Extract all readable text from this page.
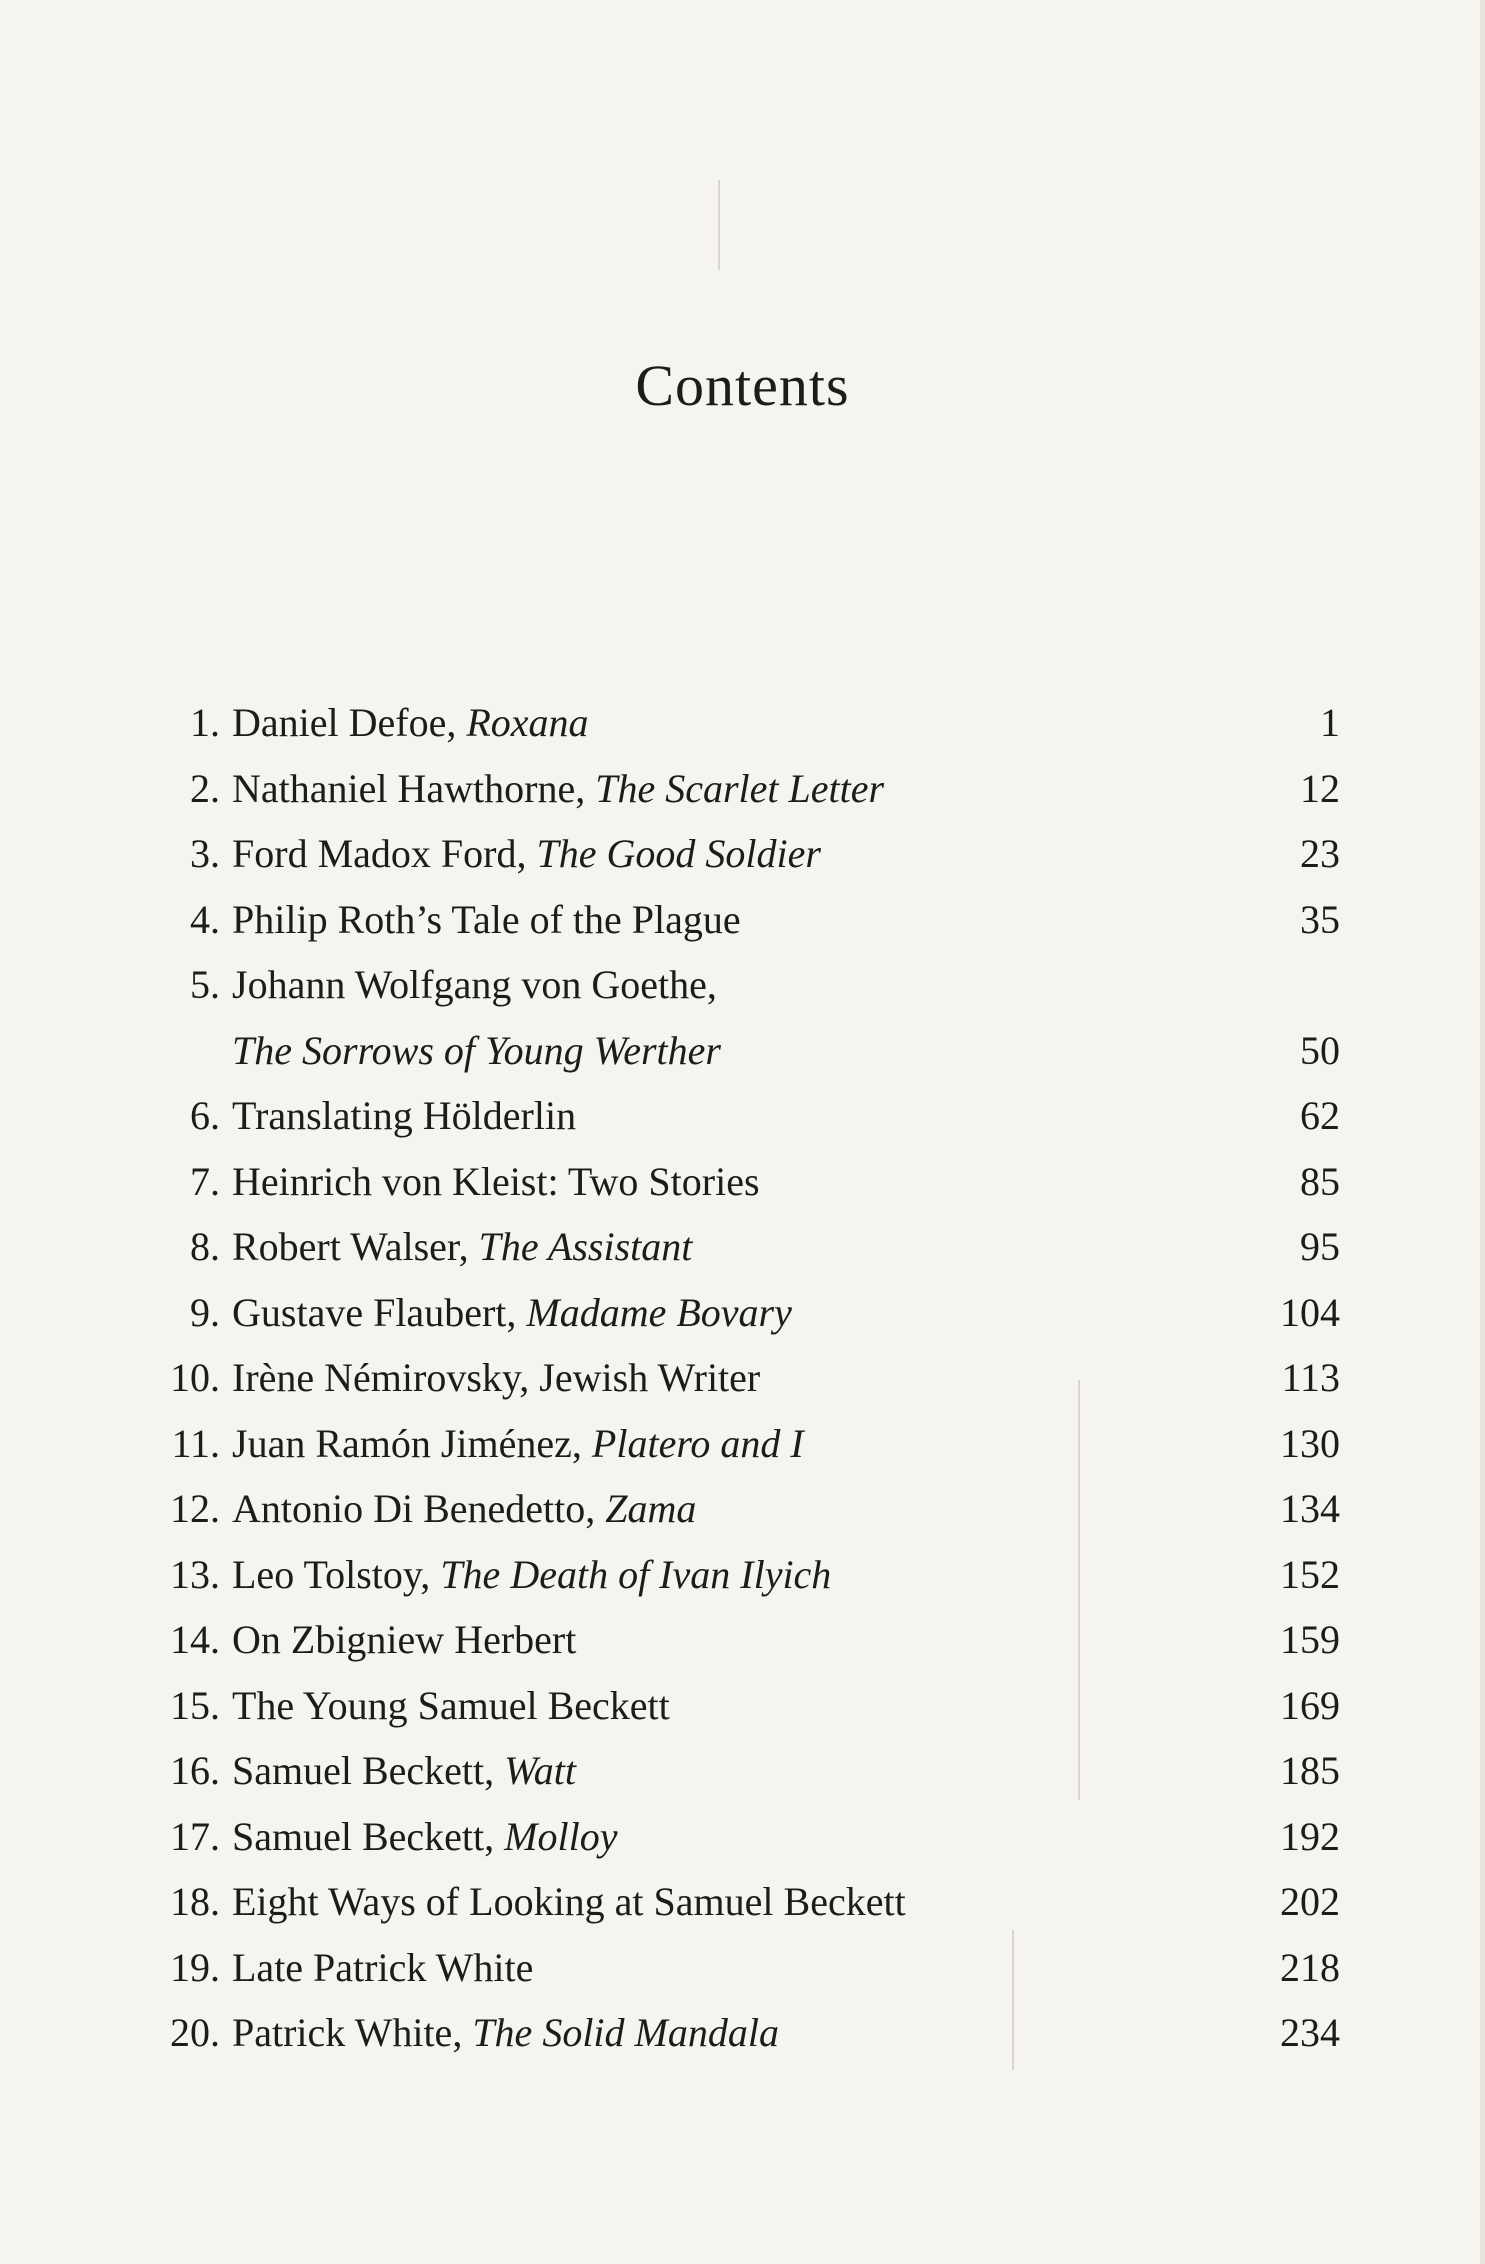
Contents
1. Daniel Defoe, Roxana	1
2. Nathaniel Hawthorne, The Scarlet Letter	12
3. Ford Madox Ford, The Good Soldier	23
4. Philip Roth’s Tale of the Plague	35
5. Johann Wolfgang von Goethe,
The Sorrows of Young Werther	50
6. Translating Hölderlin	62
7. Heinrich von Kleist: Two Stories	85
8. Robert Walser, The Assistant	95
9. Gustave Flaubert, Madame Bovary	104
10. Irène Némirovsky, Jewish Writer	113
11. Juan Ramón Jiménez, Platero and I	130
12. Antonio Di Benedetto, Zama	134
13. Leo Tolstoy, The Death of Ivan Ilyich	152
14. On Zbigniew Herbert	159
15. The Young Samuel Beckett	169
16. Samuel Beckett, Watt	185
17. Samuel Beckett, Molloy	192
18. Eight Ways of Looking at Samuel Beckett	202
19. Late Patrick White	218
20. Patrick White, The Solid Mandala	234
